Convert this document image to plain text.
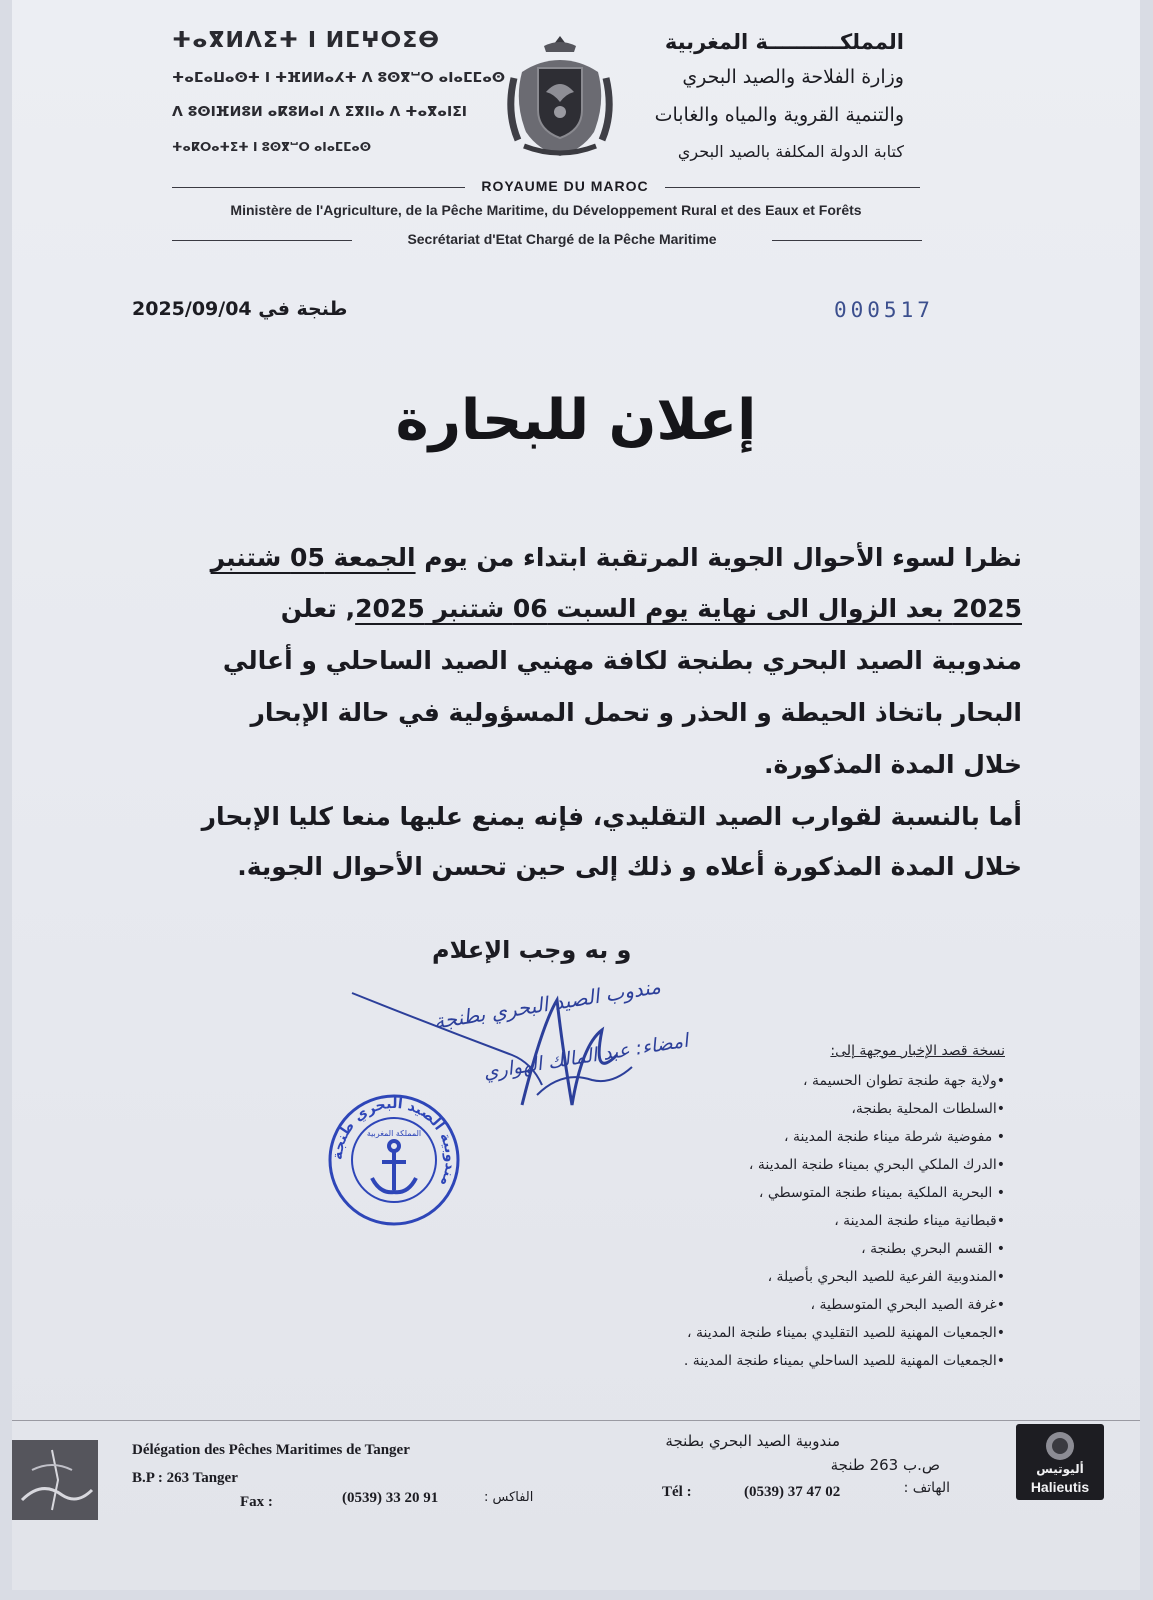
ⵜⴰⴳⵍⴷⵉⵜ ⵏ ⵍⵎⵖⵔⵉⴱ
ⵜⴰⵎⴰⵡⴰⵙⵜ ⵏ ⵜⴼⵍⵍⴰⵃⵜ ⴷ ⵓⵙⴳⵯⵔ ⴰⵏⴰⵎⵎⴰⵙ
ⴷ ⵓⵙⵏⴼⵍⵓⵍ ⴰⴽⵓⵍⴰⵏ ⴷ ⵉⴳⵏⵏⴰ ⴷ ⵜⴰⴳⴰⵏⵉⵏ
ⵜⴰⴽⵔⴰⵜⵉⵜ ⵏ ⵓⵙⴳⵯⵔ ⴰⵏⴰⵎⵎⴰⵙ
المملكــــــــــة المغربية
وزارة الفلاحة والصيد البحري
والتنمية القروية والمياه والغابات
كتابة الدولة المكلفة بالصيد البحري
ROYAUME DU MAROC
Ministère de l'Agriculture, de la Pêche Maritime, du Développement Rural et des Eaux et Forêts
Secrétariat d'Etat Chargé de la Pêche Maritime
طنجة في 2025/09/04	000517
إعلان للبحارة
نظرا لسوء الأحوال الجوية المرتقبة ابتداء من يوم الجمعة 05 شتنبر
2025 بعد الزوال الى نهاية يوم السبت 06 شتنبر 2025, تعلن
مندوبية الصيد البحري بطنجة لكافة مهنيي الصيد الساحلي و أعالي
البحار باتخاذ الحيطة و الحذر و تحمل المسؤولية في حالة الإبحار
خلال المدة المذكورة.
أما بالنسبة لقوارب الصيد التقليدي، فإنه يمنع عليها منعا كليا الإبحار
خلال المدة المذكورة أعلاه و ذلك إلى حين تحسن الأحوال الجوية.
و به وجب الإعلام
مندوب الصيد البحري بطنجة
امضاء: عبد المالك الهواري
مندوبية الصيد البحري طنجة
المملكة المغربية
نسخة قصد الإخبار موجهة إلى:
•ولاية جهة طنجة تطوان الحسيمة ،
•السلطات المحلية بطنجة،
• مفوضية شرطة ميناء طنجة المدينة ،
•الدرك الملكي البحري بميناء طنجة المدينة ،
• البحرية الملكية بميناء طنجة المتوسطي ،
•قبطانية ميناء طنجة المدينة ،
• القسم البحري بطنجة ،
•المندوبية الفرعية للصيد البحري بأصيلة ،
•غرفة الصيد البحري المتوسطية ،
•الجمعيات المهنية للصيد التقليدي بميناء طنجة المدينة ،
•الجمعيات المهنية للصيد الساحلي بميناء طنجة المدينة .
Délégation des Pêches Maritimes de Tanger
B.P : 263 Tanger
Fax :	(0539) 33 20 91	الفاكس :	Tél :	(0539) 37 47 02
مندوبية الصيد البحري بطنجة
ص.ب 263 طنجة
الهاتف :
أليوتيس
Halieutis
